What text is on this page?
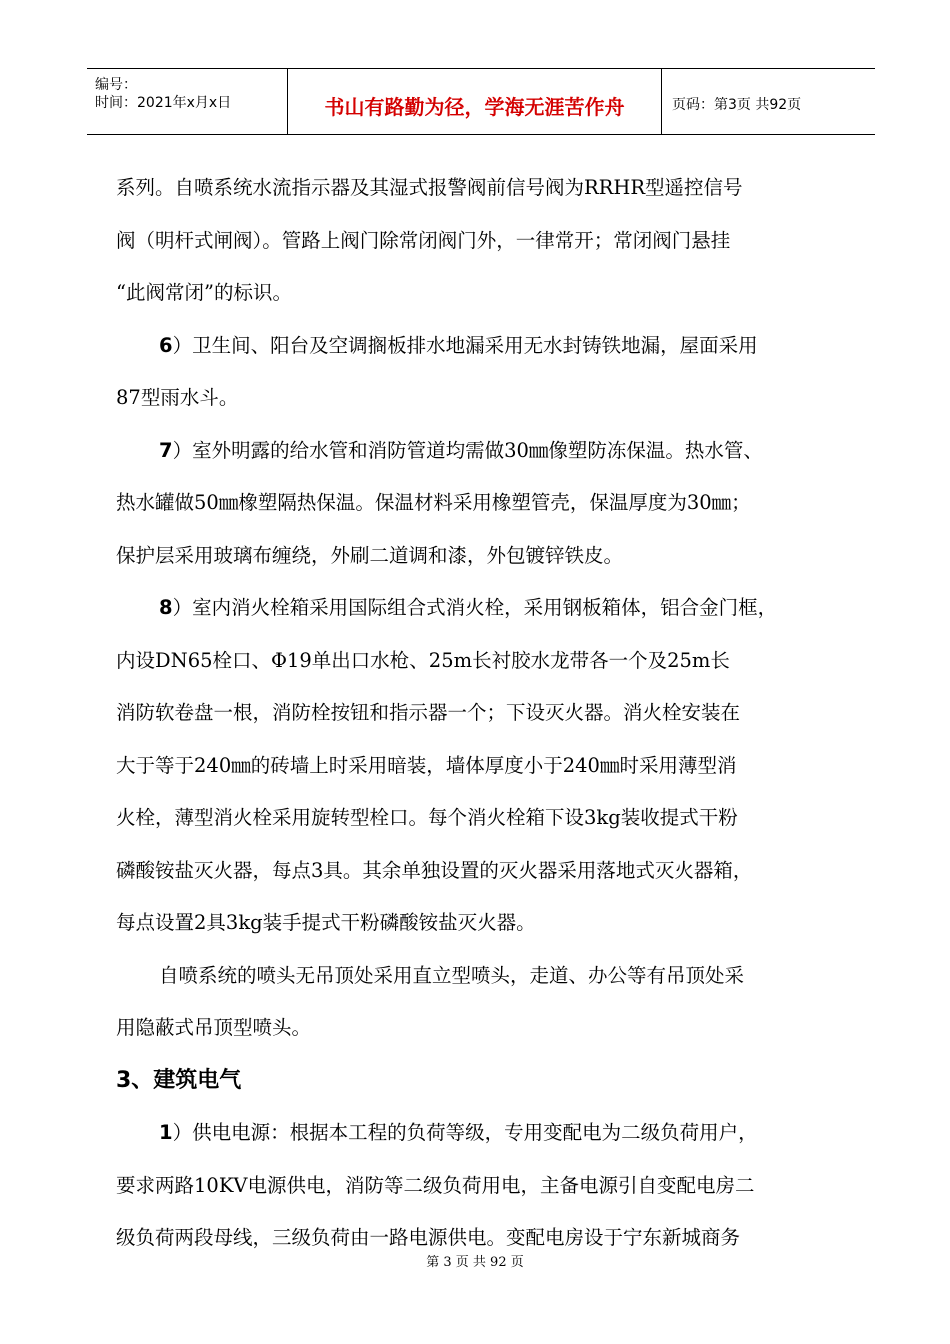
编号：
时间：2021年x月x日	书山有路勤为径，学海无涯苦作舟	页码：第3页 共92页
系列。自喷系统水流指示器及其湿式报警阀前信号阀为RRHR型遥控信号
阀（明杆式闸阀）。管路上阀门除常闭阀门外，一律常开；常闭阀门悬挂
“此阀常闭”的标识。
6）卫生间、阳台及空调搁板排水地漏采用无水封铸铁地漏，屋面采用
87型雨水斗。
7）室外明露的给水管和消防管道均需做30㎜像塑防冻保温。热水管、
热水罐做50㎜橡塑隔热保温。保温材料采用橡塑管壳，保温厚度为30㎜；
保护层采用玻璃布缠绕，外刷二道调和漆，外包镀锌铁皮。
8）室内消火栓箱采用国际组合式消火栓，采用钢板箱体，铝合金门框，
内设DN65栓口、Φ19单出口水枪、25m长衬胶水龙带各一个及25m长
消防软卷盘一根，消防栓按钮和指示器一个；下设灭火器。消火栓安装在
大于等于240㎜的砖墙上时采用暗装，墙体厚度小于240㎜时采用薄型消
火栓，薄型消火栓采用旋转型栓口。每个消火栓箱下设3kg装收提式干粉
磷酸铵盐灭火器，每点3具。其余单独设置的灭火器采用落地式灭火器箱，
每点设置2具3kg装手提式干粉磷酸铵盐灭火器。
自喷系统的喷头无吊顶处采用直立型喷头，走道、办公等有吊顶处采
用隐蔽式吊顶型喷头。
3、建筑电气
1）供电电源：根据本工程的负荷等级，专用变配电为二级负荷用户，
要求两路10KV电源供电，消防等二级负荷用电，主备电源引自变配电房二
级负荷两段母线，三级负荷由一路电源供电。变配电房设于宁东新城商务
第 3 页 共 92 页
